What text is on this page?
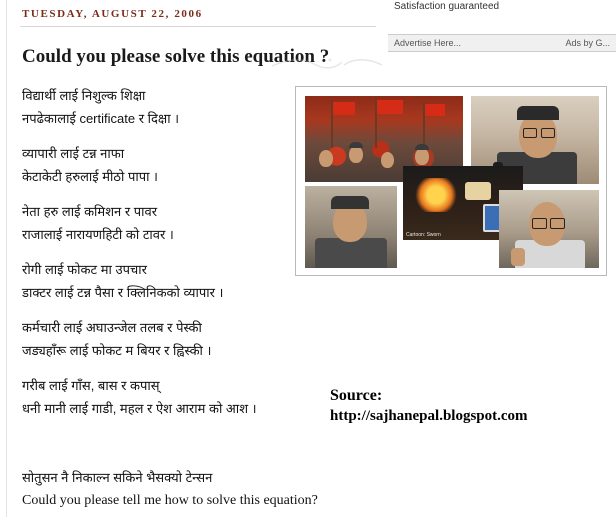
Satisfaction guaranteed
Advertise Here...	Ads by G...
TUESDAY, AUGUST 22, 2006
Could you please solve this equation ?
विद्यार्थी लाई निशुल्क शिक्षा
नपढेकालाई certificate र दिक्षा ।
व्यापारी लाई टन्न नाफा
केटाकेटी हरुलाई मीठो पापा ।
नेता हरु लाई कमिशन र पावर
राजालाई नारायणहिटी को टावर ।
रोगी लाई फोकट मा उपचार
डाक्टर लाई टन्न पैसा र क्लिनिकको व्यापार ।
कर्मचारी लाई अघाउन्जेल तलब र पेस्की
जड्यहाँरू लाई फोकट म बियर र ह्विस्की ।
गरीब लाई गाँस, बास र कपास्
धनी मानी लाई गाडी, महल र ऐश आराम को आश ।
सोतुसन नै निकाल्न सकिने भैसक्यो टेन्सन
Could you please tell me how to solve this equation?
Cartoon: Sworn
Source:
http://sajhanepal.blogspot.com
